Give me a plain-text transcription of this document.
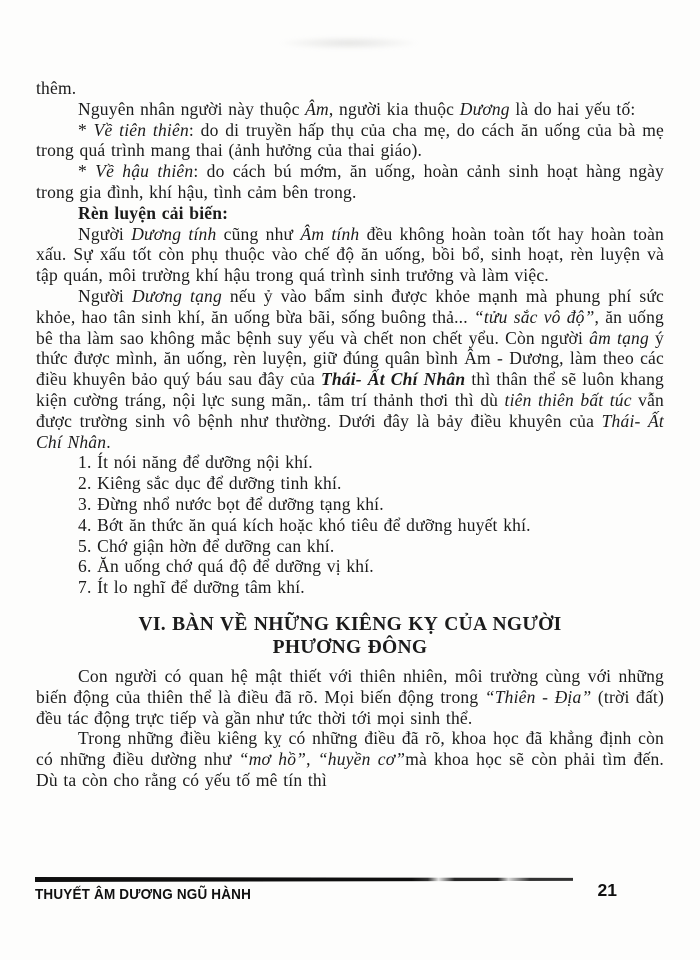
thêm.

Nguyên nhân người này thuộc Âm, người kia thuộc Dương là do hai yếu tố:

* Về tiên thiên: do di truyền hấp thụ của cha mẹ, do cách ăn uống của bà mẹ trong quá trình mang thai (ảnh hưởng của thai giáo).

* Về hậu thiên: do cách bú mớm, ăn uống, hoàn cảnh sinh hoạt hàng ngày trong gia đình, khí hậu, tình cảm bên trong.

Rèn luyện cải biến:

Người Dương tính cũng như Âm tính đều không hoàn toàn tốt hay hoàn toàn xấu. Sự xấu tốt còn phụ thuộc vào chế độ ăn uống, bồi bổ, sinh hoạt, rèn luyện và tập quán, môi trường khí hậu trong quá trình sinh trưởng và làm việc.

Người Dương tạng nếu ỷ vào bẩm sinh được khỏe mạnh mà phung phí sức khỏe, hao tân sinh khí, ăn uống bừa bãi, sống buông thả... “tửu sắc vô độ”, ăn uống bê tha làm sao không mắc bệnh suy yếu và chết non chết yểu. Còn người âm tạng ý thức được mình, ăn uống, rèn luyện, giữ đúng quân bình Âm - Dương, làm theo các điều khuyên bảo quý báu sau đây của Thái- Ất Chí Nhân thì thân thể sẽ luôn khang kiện cường tráng, nội lực sung mãn,. tâm trí thảnh thơi thì dù tiên thiên bất túc vẫn được trường sinh vô bệnh như thường. Dưới đây là bảy điều khuyên của Thái- Ất Chí Nhân.

1. Ít nói năng để dưỡng nội khí.

2. Kiêng sắc dục để dưỡng tinh khí.

3. Đừng nhổ nước bọt để dưỡng tạng khí.

4. Bớt ăn thức ăn quá kích hoặc khó tiêu để dưỡng huyết khí.

5. Chớ giận hờn để dưỡng can khí.

6. Ăn uống chớ quá độ để dưỡng vị khí.

7. Ít lo nghĩ để dưỡng tâm khí.

VI. BÀN VỀ NHỮNG KIÊNG KỴ CỦA NGƯỜI
PHƯƠNG ĐÔNG

Con người có quan hệ mật thiết với thiên nhiên, môi trường cùng với những biến động của thiên thể là điều đã rõ. Mọi biến động trong “Thiên - Địa” (trời đất) đều tác động trực tiếp và gần như tức thời tới mọi sinh thể.

Trong những điều kiêng kỵ có những điều đã rõ, khoa học đã khẳng định còn có những điều dường như “mơ hồ”, “huyền cơ”mà khoa học sẽ còn phải tìm đến. Dù ta còn cho rằng có yếu tố mê tín thì

THUYẾT ÂM DƯƠNG NGŨ HÀNH	21
